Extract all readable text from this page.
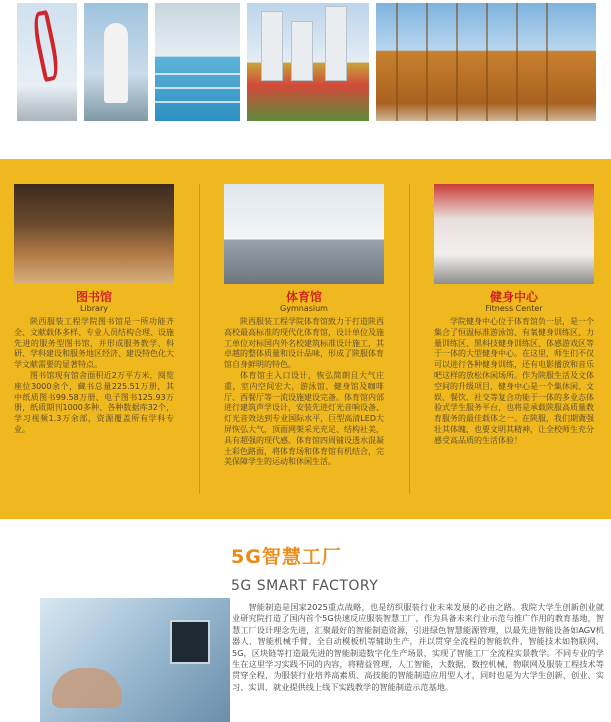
图书馆
Library

陕西服装工程学院图书馆是一所功能齐全、文献载体多样、专业人员结构合理、设施先进的服务型图书馆，并形成服务教学、科研、学科建设和服务地区经济、建设特色化大学文献需要的显著特点。

图书馆现有馆舍面积近2万平方米，阅览座位3000余个，藏书总量225.51万册，其中纸质图书99.58万册、电子图书125.93万册，纸质期刊1000多种、各种数据库32个，学习视频1.3万余部，资源覆盖所有学科专业。

体育馆
Gymnasium

陕西服装工程学院体育馆致力于打造陕西高校最高标准的现代化体育馆，设计单位及施工单位对标国内外名校建筑标准设计施工，其卓越的整体质量和设计品味，形成了陕服体育馆自身鲜明的特色。

体育馆主入口设计，恢弘简朗且大气庄重，室内空间宏大，游泳馆、健身馆及咖啡厅、西餐厅等一流设施建设完备。体育馆内部进行建筑声学设计，安装先进灯光音响设备、灯光音效达到专业国际水平，巨型高清LED大屏恢弘大气，顶面网架采光充足、结构社美，具有超强的现代感。体育馆四周铺设透水混凝土彩色路面，将体育场和体育馆有机结合，完美保障学生的运动和休闲生活。

健身中心
Fitness Center

学院健身中心位于体育馆负一层，是一个集合了恒温标准游泳馆、有氧健身训练区、力量训练区、黑科技健身训练区、体感游戏区等于一体的大型健身中心。在这里，师生们不仅可以进行各种健身训练，还有电影播放和音乐吧这样的放松休闲场所。作为陕服生活及文体空间的升级项目，健身中心是一个集休闲、文娱、餐饮、社交等复合功能于一体的多业态体验式学生服务平台，也将是承载陕服高质量教育服务的最佳载体之一。在陕服，我们期冀强壮其体魄，也要文明其精神，让全校师生充分感受高品质的生活体验！

5G智慧工厂
5G SMART FACTORY

智能制造是国家2025重点战略，也是纺织服装行业未来发展的必由之路。我院大学生创新创业就业研究院打造了国内首个5G快速反应服装智慧工厂，作为具备未来行业示范与推广作用的教育基地，智慧工厂设计理念先进，汇聚最好的智能制造资源，引进绿色智慧能源管理，以最先进智能设备如AGV机器人、智能机械手臂、全自动模板机等辅助生产，并以贯穿全流程的智能软件、智能技术如物联网、5G，区块链等打造最先进的智能制造数字化生产场景，实现了智能工厂全流程实景教学。不同专业的学生在这里学习实践不同的内容，将精益管理，人工智能，大数据，数控机械，物联网及服装工程技术等贯穿全程，为服装行业培养高素质、高技能的智能制造应用型人才，同时也是为大学生创新、创业、实习、实训、就业提供线上线下实践教学的智能制造示范基地。
